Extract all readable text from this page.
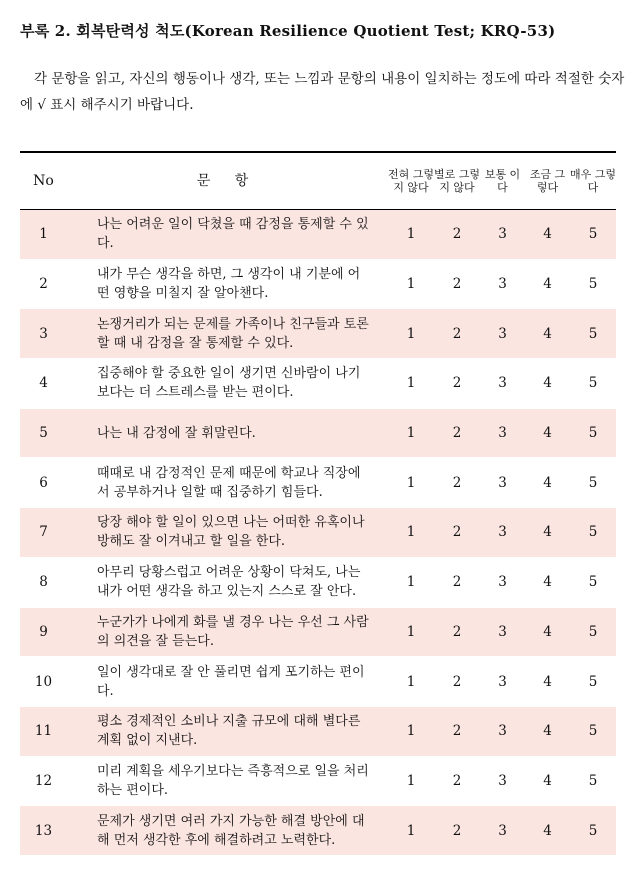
부록 2. 회복탄력성 척도(Korean Resilience Quotient Test; KRQ-53)
각 문항을 읽고, 자신의 행동이나 생각, 또는 느낌과 문항의 내용이 일치하는 정도에 따라 적절한 숫자에 √ 표시 해주시기 바랍니다.
No	문 항	전혀 그렇지 않다	별로 그렇지 않다	보통 이다	조금 그렇다	매우 그렇다
1	나는 어려운 일이 닥쳤을 때 감정을 통제할 수 있다.	1	2	3	4	5
2	내가 무슨 생각을 하면, 그 생각이 내 기분에 어떤 영향을 미칠지 잘 알아챈다.	1	2	3	4	5
3	논쟁거리가 되는 문제를 가족이나 친구들과 토론할 때 내 감정을 잘 통제할 수 있다.	1	2	3	4	5
4	집중해야 할 중요한 일이 생기면 신바람이 나기보다는 더 스트레스를 받는 편이다.	1	2	3	4	5
5	나는 내 감정에 잘 휘말린다.	1	2	3	4	5
6	때때로 내 감정적인 문제 때문에 학교나 직장에서 공부하거나 일할 때 집중하기 힘들다.	1	2	3	4	5
7	당장 해야 할 일이 있으면 나는 어떠한 유혹이나 방해도 잘 이겨내고 할 일을 한다.	1	2	3	4	5
8	아무리 당황스럽고 어려운 상황이 닥쳐도, 나는 내가 어떤 생각을 하고 있는지 스스로 잘 안다.	1	2	3	4	5
9	누군가가 나에게 화를 낼 경우 나는 우선 그 사람의 의견을 잘 듣는다.	1	2	3	4	5
10	일이 생각대로 잘 안 풀리면 쉽게 포기하는 편이다.	1	2	3	4	5
11	평소 경제적인 소비나 지출 규모에 대해 별다른 계획 없이 지낸다.	1	2	3	4	5
12	미리 계획을 세우기보다는 즉흥적으로 일을 처리하는 편이다.	1	2	3	4	5
13	문제가 생기면 여러 가지 가능한 해결 방안에 대해 먼저 생각한 후에 해결하려고 노력한다.	1	2	3	4	5
